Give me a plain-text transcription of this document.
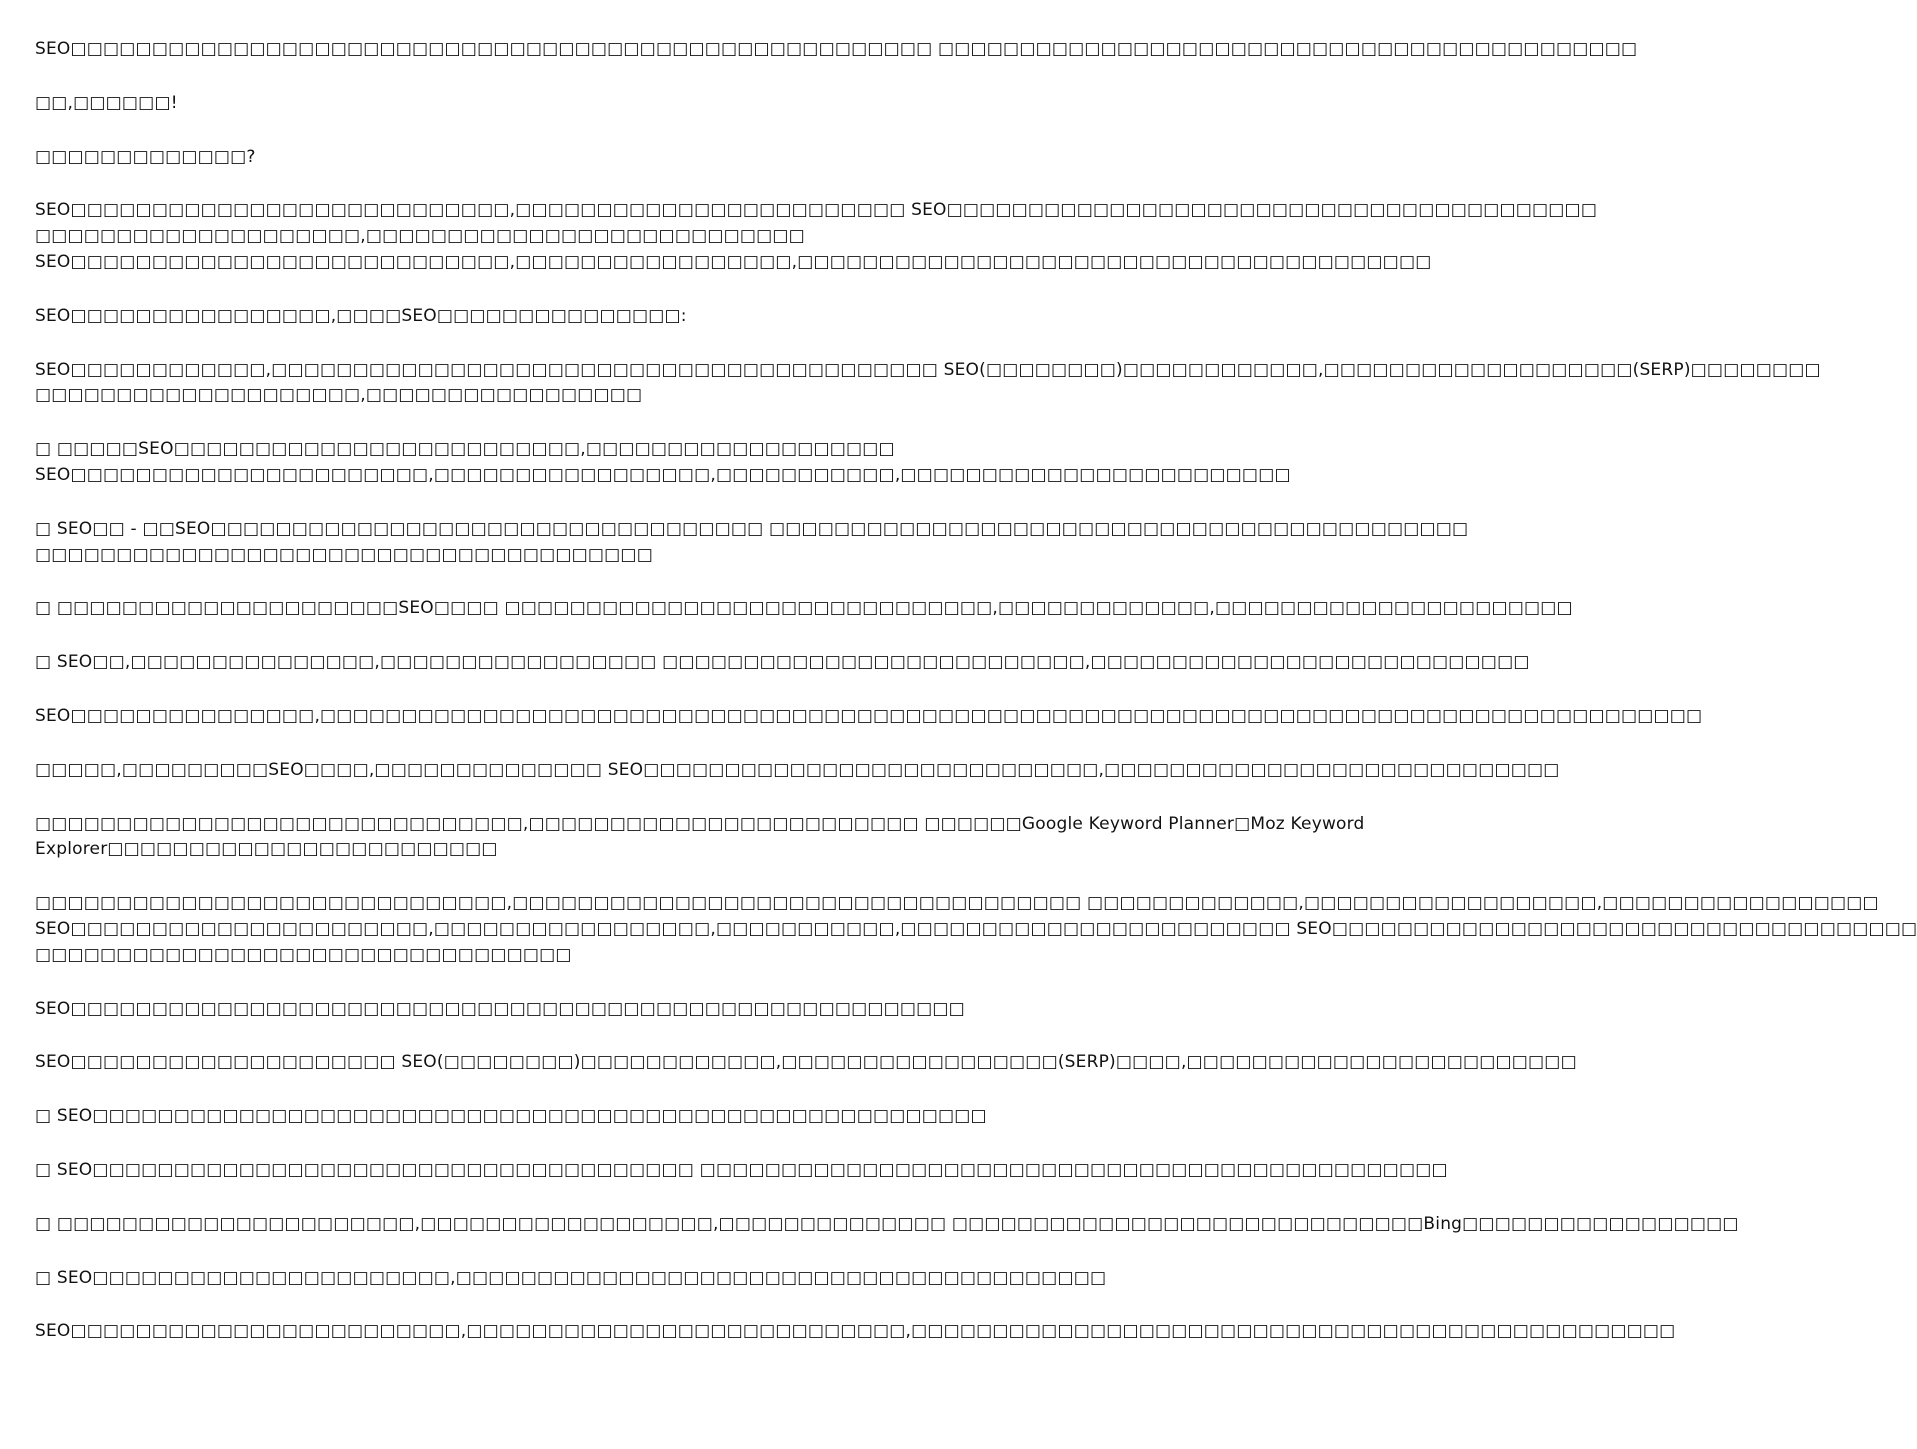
SEO□□□□□□□□□□□□□□□□□□□□□□□□□□□□□□□□□□□□□□□□□□□□□□□□□□□□□ □□□□□□□□□□□□□□□□□□□□□□□□□□□□□□□□□□□□□□□□□□□
□□,□□□□□□!
□□□□□□□□□□□□□?
SEO□□□□□□□□□□□□□□□□□□□□□□□□□□□,□□□□□□□□□□□□□□□□□□□□□□□□ SEO□□□□□□□□□□□□□□□□□□□□□□□□□□□□□□□□□□□□□□□□
□□□□□□□□□□□□□□□□□□□□,□□□□□□□□□□□□□□□□□□□□□□□□□□□
SEO□□□□□□□□□□□□□□□□□□□□□□□□□□□,□□□□□□□□□□□□□□□□□,□□□□□□□□□□□□□□□□□□□□□□□□□□□□□□□□□□□□□□□
SEO□□□□□□□□□□□□□□□□,□□□□SEO□□□□□□□□□□□□□□□:
SEO□□□□□□□□□□□□,□□□□□□□□□□□□□□□□□□□□□□□□□□□□□□□□□□□□□□□□□ SEO(□□□□□□□□)□□□□□□□□□□□□,□□□□□□□□□□□□□□□□□□□(SERP)□□□□□□□□
□□□□□□□□□□□□□□□□□□□□,□□□□□□□□□□□□□□□□□
□ □□□□□SEO□□□□□□□□□□□□□□□□□□□□□□□□□,□□□□□□□□□□□□□□□□□□□
SEO□□□□□□□□□□□□□□□□□□□□□□,□□□□□□□□□□□□□□□□□,□□□□□□□□□□□,□□□□□□□□□□□□□□□□□□□□□□□□
□ SEO□□ - □□SEO□□□□□□□□□□□□□□□□□□□□□□□□□□□□□□□□□□ □□□□□□□□□□□□□□□□□□□□□□□□□□□□□□□□□□□□□□□□□□□
□□□□□□□□□□□□□□□□□□□□□□□□□□□□□□□□□□□□□□
□ □□□□□□□□□□□□□□□□□□□□□SEO□□□□ □□□□□□□□□□□□□□□□□□□□□□□□□□□□□□,□□□□□□□□□□□□□,□□□□□□□□□□□□□□□□□□□□□□
□ SEO□□,□□□□□□□□□□□□□□□,□□□□□□□□□□□□□□□□□ □□□□□□□□□□□□□□□□□□□□□□□□□□,□□□□□□□□□□□□□□□□□□□□□□□□□□□
SEO□□□□□□□□□□□□□□□,□□□□□□□□□□□□□□□□□□□□□□□□□□□□□□□□□□□□□□□□□□□□□□□□□□□□□□□□□□□□□□□□□□□□□□□□□□□□□□□□□□□□□
□□□□□,□□□□□□□□□SEO□□□□,□□□□□□□□□□□□□□ SEO□□□□□□□□□□□□□□□□□□□□□□□□□□□□,□□□□□□□□□□□□□□□□□□□□□□□□□□□□
□□□□□□□□□□□□□□□□□□□□□□□□□□□□□□,□□□□□□□□□□□□□□□□□□□□□□□□ □□□□□□Google Keyword Planner□Moz Keyword
Explorer□□□□□□□□□□□□□□□□□□□□□□□□
□□□□□□□□□□□□□□□□□□□□□□□□□□□□□,□□□□□□□□□□□□□□□□□□□□□□□□□□□□□□□□□□□ □□□□□□□□□□□□□,□□□□□□□□□□□□□□□□□□,□□□□□□□□□□□□□□□□□
SEO□□□□□□□□□□□□□□□□□□□□□□,□□□□□□□□□□□□□□□□□,□□□□□□□□□□□,□□□□□□□□□□□□□□□□□□□□□□□□ SEO□□□□□□□□□□□□□□□□□□□□□□□□□□□□□□□□□□□□
□□□□□□□□□□□□□□□□□□□□□□□□□□□□□□□□□
SEO□□□□□□□□□□□□□□□□□□□□□□□□□□□□□□□□□□□□□□□□□□□□□□□□□□□□□□□
SEO□□□□□□□□□□□□□□□□□□□□ SEO(□□□□□□□□)□□□□□□□□□□□□,□□□□□□□□□□□□□□□□□(SERP)□□□□,□□□□□□□□□□□□□□□□□□□□□□□□
□ SEO□□□□□□□□□□□□□□□□□□□□□□□□□□□□□□□□□□□□□□□□□□□□□□□□□□□□□□□
□ SEO□□□□□□□□□□□□□□□□□□□□□□□□□□□□□□□□□□□□□ □□□□□□□□□□□□□□□□□□□□□□□□□□□□□□□□□□□□□□□□□□□□□□
□ □□□□□□□□□□□□□□□□□□□□□□,□□□□□□□□□□□□□□□□□□,□□□□□□□□□□□□□□ □□□□□□□□□□□□□□□□□□□□□□□□□□□□□Bing□□□□□□□□□□□□□□□□□
□ SEO□□□□□□□□□□□□□□□□□□□□□□,□□□□□□□□□□□□□□□□□□□□□□□□□□□□□□□□□□□□□□□□
SEO□□□□□□□□□□□□□□□□□□□□□□□□,□□□□□□□□□□□□□□□□□□□□□□□□□□□,□□□□□□□□□□□□□□□□□□□□□□□□□□□□□□□□□□□□□□□□□□□□□□□
